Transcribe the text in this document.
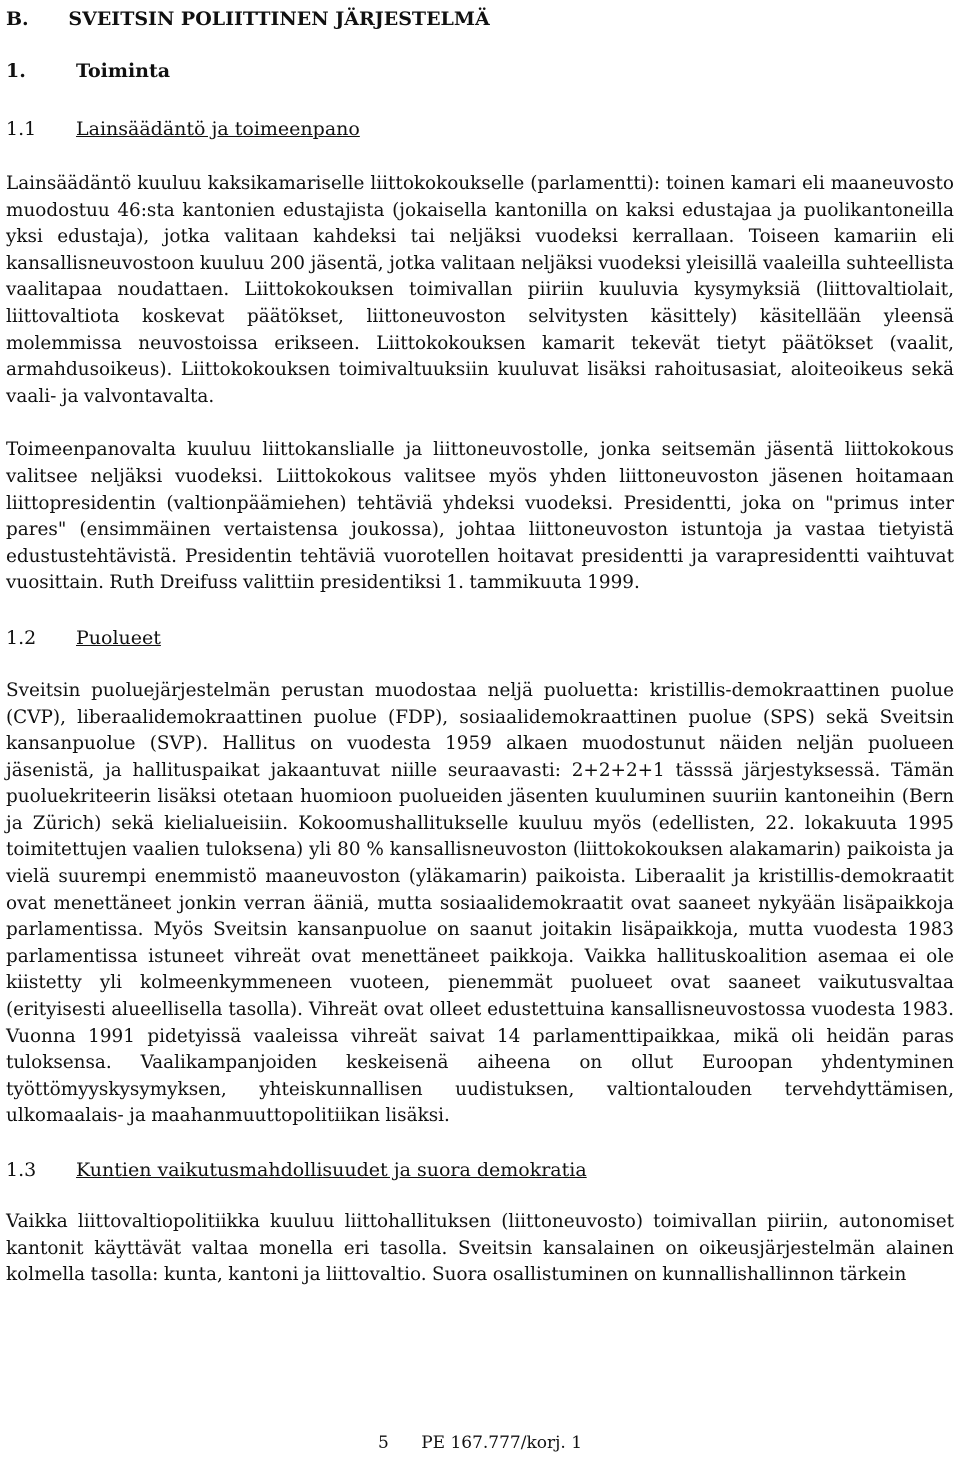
B.      SVEITSIN POLIITTINEN JÄRJESTELMÄ
1.	Toiminta
1.1 Lainsäädäntö ja toimeenpano

Lainsäädäntö kuuluu kaksikamariselle liittokokoukselle (parlamentti): toinen kamari eli maaneuvosto muodostuu 46:sta kantonien edustajista (jokaisella kantonilla on kaksi edustajaa ja puolikantoneilla yksi edustaja), jotka valitaan kahdeksi tai neljäksi vuodeksi kerrallaan. Toiseen kamariin eli kansallisneuvostoon kuuluu 200 jäsentä, jotka valitaan neljäksi vuodeksi yleisillä vaaleilla suhteellista vaalitapaa noudattaen. Liittokokouksen toimivallan piiriin kuuluvia kysymyksiä (liittovaltiolait, liittovaltiota koskevat päätökset, liittoneuvoston selvitysten käsittely) käsitellään yleensä molemmissa neuvostoissa erikseen. Liittokokouksen kamarit tekevät tietyt päätökset (vaalit, armahdusoikeus). Liittokokouksen toimivaltuuksiin kuuluvat lisäksi rahoitusasiat, aloiteoikeus sekä vaali- ja valvontavalta.

Toimeenpanovalta kuuluu liittokanslialle ja liittoneuvostolle, jonka seitsemän jäsentä liittokokous valitsee neljäksi vuodeksi. Liittokokous valitsee myös yhden liittoneuvoston jäsenen hoitamaan liittopresidentin (valtionpäämiehen) tehtäviä yhdeksi vuodeksi. Presidentti, joka on "primus inter pares" (ensimmäinen vertaistensa joukossa), johtaa liittoneuvoston istuntoja ja vastaa tietyistä edustustehtävistä. Presidentin tehtäviä vuorotellen hoitavat presidentti ja varapresidentti vaihtuvat vuosittain. Ruth Dreifuss valittiin presidentiksi 1. tammikuuta 1999.

1.2 Puolueet

Sveitsin puoluejärjestelmän perustan muodostaa neljä puoluetta: kristillis-demokraattinen puolue (CVP), liberaalidemokraattinen puolue (FDP), sosiaalidemokraattinen puolue (SPS) sekä Sveitsin kansanpuolue (SVP). Hallitus on vuodesta 1959 alkaen muodostunut näiden neljän puolueen jäsenistä, ja hallituspaikat jakaantuvat niille seuraavasti: 2+2+2+1 tässsä järjestyksessä. Tämän puoluekriteerin lisäksi otetaan huomioon puolueiden jäsenten kuuluminen suuriin kantoneihin (Bern ja Zürich) sekä kielialueisiin. Kokoomushallitukselle kuuluu myös (edellisten, 22. lokakuuta 1995 toimitettujen vaalien tuloksena) yli 80 % kansallisneuvoston (liittokokouksen alakamarin) paikoista ja vielä suurempi enemmistö maaneuvoston (yläkamarin) paikoista. Liberaalit ja kristillis-demokraatit ovat menettäneet jonkin verran ääniä, mutta sosiaalidemokraatit ovat saaneet nykyään lisäpaikkoja parlamentissa. Myös Sveitsin kansanpuolue on saanut joitakin lisäpaikkoja, mutta vuodesta 1983 parlamentissa istuneet vihreät ovat menettäneet paikkoja. Vaikka hallituskoalition asemaa ei ole kiistetty yli kolmeenkymmeneen vuoteen, pienemmät puolueet ovat saaneet vaikutusvaltaa (erityisesti alueellisella tasolla). Vihreät ovat olleet edustettuina kansallisneuvostossa vuodesta 1983. Vuonna 1991 pidetyissä vaaleissa vihreät saivat 14 parlamenttipaikkaa, mikä oli heidän paras tuloksensa. Vaalikampanjoiden keskeisenä aiheena on ollut Euroopan yhdentyminen työttömyyskysymyksen, yhteiskunnallisen uudistuksen, valtiontalouden tervehdyttämisen, ulkomaalais- ja maahanmuuttopolitiikan lisäksi.

1.3 Kuntien vaikutusmahdollisuudet ja suora demokratia

Vaikka liittovaltiopolitiikka kuuluu liittohallituksen (liittoneuvosto) toimivallan piiriin, autonomiset kantonit käyttävät valtaa monella eri tasolla. Sveitsin kansalainen on oikeusjärjestelmän alainen kolmella tasolla: kunta, kantoni ja liittovaltio. Suora osallistuminen on kunnallishallinnon tärkein

5      PE 167.777/korj. 1
